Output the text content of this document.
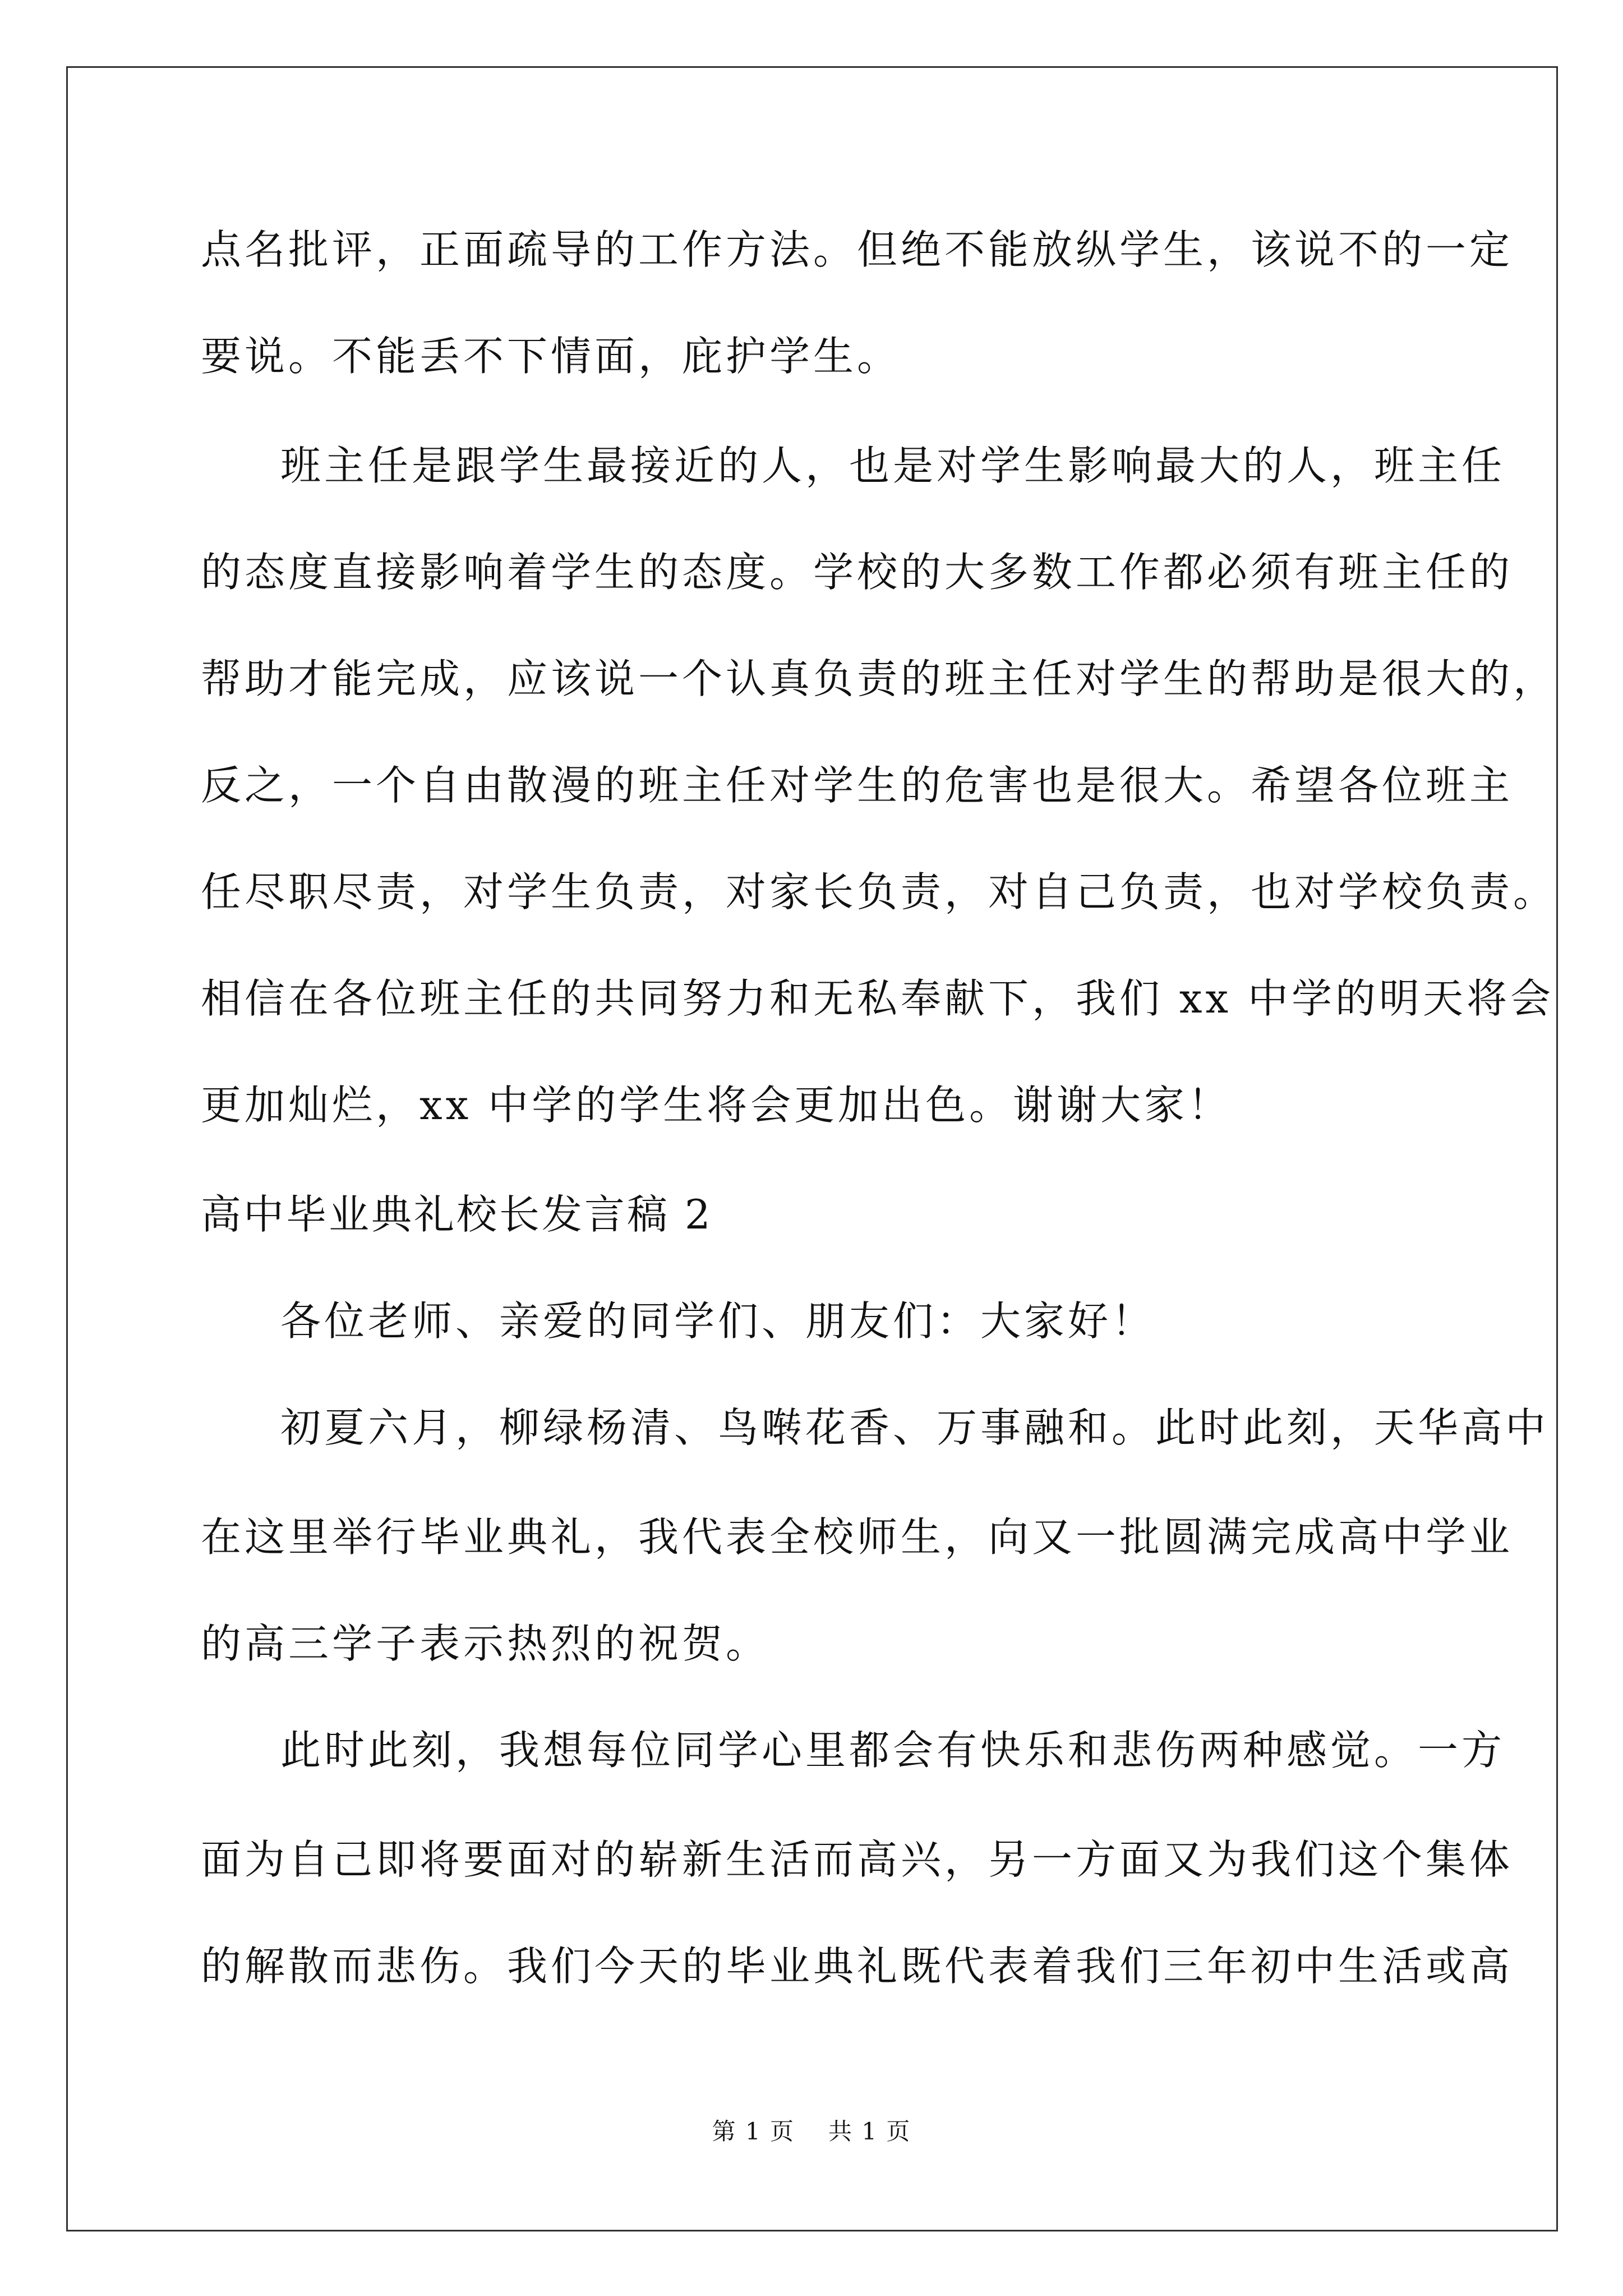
点名批评，正面疏导的工作方法。但绝不能放纵学生，该说不的一定
要说。不能丢不下情面，庇护学生。
班主任是跟学生最接近的人，也是对学生影响最大的人，班主任
的态度直接影响着学生的态度。学校的大多数工作都必须有班主任的
帮助才能完成，应该说一个认真负责的班主任对学生的帮助是很大的，
反之，一个自由散漫的班主任对学生的危害也是很大。希望各位班主
任尽职尽责，对学生负责，对家长负责，对自己负责，也对学校负责。
相信在各位班主任的共同努力和无私奉献下，我们 xx 中学的明天将会
更加灿烂，xx 中学的学生将会更加出色。谢谢大家！
高中毕业典礼校长发言稿 2
各位老师、亲爱的同学们、朋友们：大家好！
初夏六月，柳绿杨清、鸟啭花香、万事融和。此时此刻，天华高中
在这里举行毕业典礼，我代表全校师生，向又一批圆满完成高中学业
的高三学子表示热烈的祝贺。
此时此刻，我想每位同学心里都会有快乐和悲伤两种感觉。一方
面为自己即将要面对的崭新生活而高兴，另一方面又为我们这个集体
的解散而悲伤。我们今天的毕业典礼既代表着我们三年初中生活或高
第 1 页 共 1 页
